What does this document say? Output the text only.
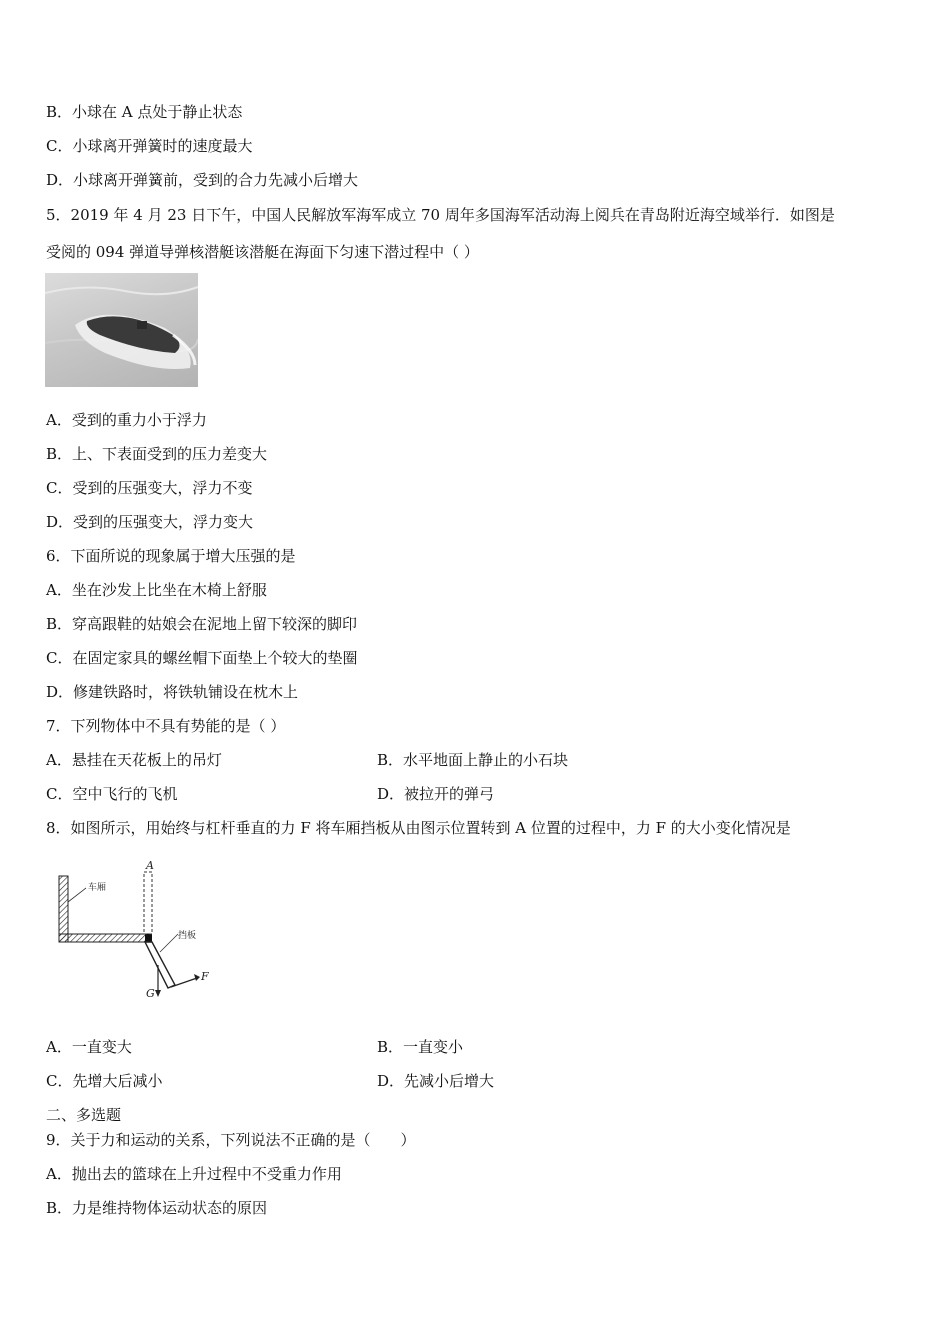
B．小球在 A 点处于静止状态
C．小球离开弹簧时的速度最大
D．小球离开弹簧前，受到的合力先减小后增大
5．2019 年 4 月 23 日下午，中国人民解放军海军成立 70 周年多国海军活动海上阅兵在青岛附近海空域举行．如图是
受阅的 094 弹道导弹核潜艇该潜艇在海面下匀速下潜过程中（ ）
A．受到的重力小于浮力
B．上、下表面受到的压力差变大
C．受到的压强变大，浮力不变
D．受到的压强变大，浮力变大
6．下面所说的现象属于增大压强的是
A．坐在沙发上比坐在木椅上舒服
B．穿高跟鞋的姑娘会在泥地上留下较深的脚印
C．在固定家具的螺丝帽下面垫上个较大的垫圈
D．修建铁路时，将铁轨铺设在枕木上
7．下列物体中不具有势能的是（ ）
A．悬挂在天花板上的吊灯	B．水平地面上静止的小石块
C．空中飞行的飞机	D．被拉开的弹弓
8．如图所示，用始终与杠杆垂直的力 F 将车厢挡板从由图示位置转到 A 位置的过程中，力 F 的大小变化情况是
A
车厢
挡板
G
F
A．一直变大	B．一直变小
C．先增大后减小	D．先减小后增大
二、多选题
9．关于力和运动的关系，下列说法不正确的是（　　）
A．抛出去的篮球在上升过程中不受重力作用
B．力是维持物体运动状态的原因
